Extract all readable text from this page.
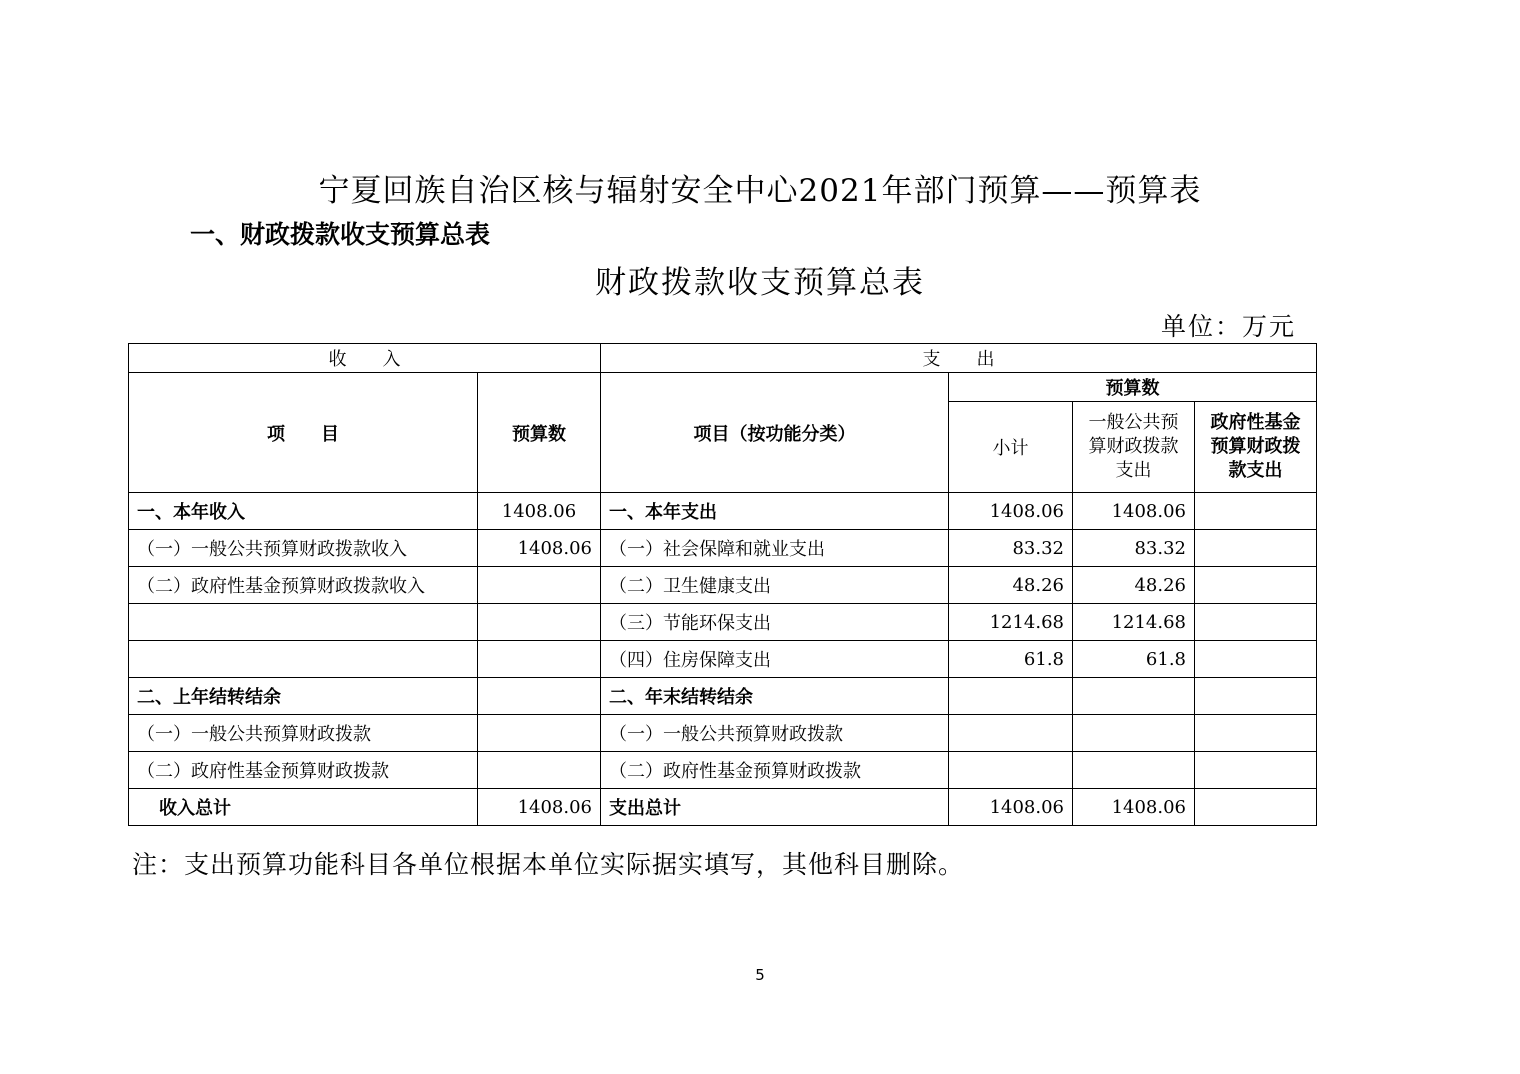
宁夏回族自治区核与辐射安全中心2021年部门预算——预算表
一、财政拨款收支预算总表
财政拨款收支预算总表
单位：万元
收　　入		支　　出			
项　　目	预算数	项目（按功能分类）	预算数		
			小计	一般公共预算财政拨款支出	政府性基金预算财政拨款支出
一、本年收入	1408.06	一、本年支出	1408.06	1408.06	
（一）一般公共预算财政拨款收入	1408.06	（一）社会保障和就业支出	83.32	83.32	
（二）政府性基金预算财政拨款收入		（二）卫生健康支出	48.26	48.26	
		（三）节能环保支出	1214.68	1214.68	
		（四）住房保障支出	61.8	61.8	
二、上年结转结余		二、年末结转结余			
（一）一般公共预算财政拨款		（一）一般公共预算财政拨款			
（二）政府性基金预算财政拨款		（二）政府性基金预算财政拨款			
收入总计	1408.06	支出总计	1408.06	1408.06	
注：支出预算功能科目各单位根据本单位实际据实填写，其他科目删除。
5
